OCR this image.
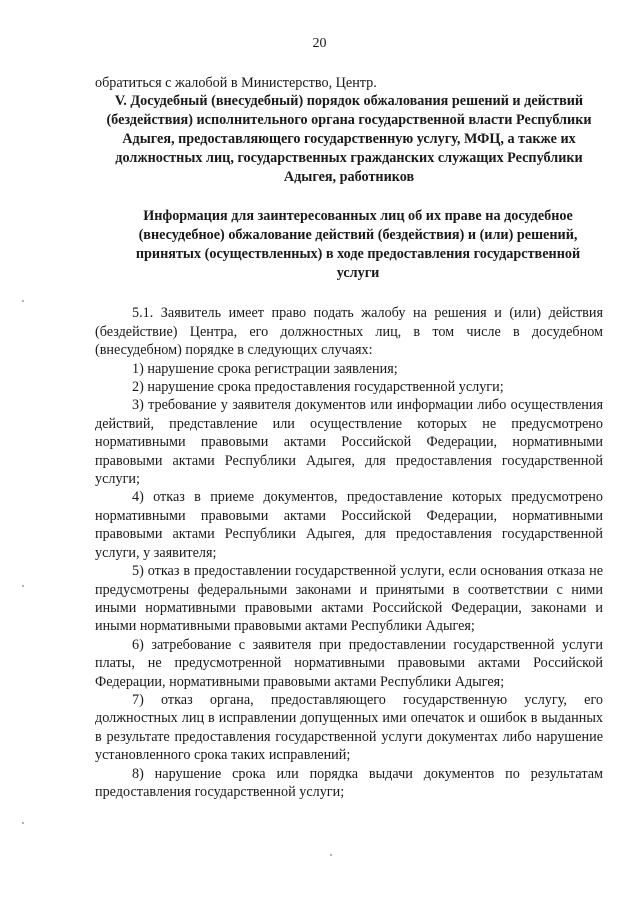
20

обратиться с жалобой в Министерство, Центр.

V. Досудебный (внесудебный) порядок обжалования решений и действий (бездействия) исполнительного органа государственной власти Республики Адыгея, предоставляющего государственную услугу, МФЦ, а также их должностных лиц, государственных гражданских служащих Республики Адыгея, работников

Информация для заинтересованных лиц об их праве на досудебное (внесудебное) обжалование действий (бездействия) и (или) решений, принятых (осуществленных) в ходе предоставления государственной услуги

5.1. Заявитель имеет право подать жалобу на решения и (или) действия (бездействие) Центра, его должностных лиц, в том числе в досудебном (внесудебном) порядке в следующих случаях:

1) нарушение срока регистрации заявления;

2) нарушение срока предоставления государственной услуги;

3) требование у заявителя документов или информации либо осуществления действий, представление или осуществление которых не предусмотрено нормативными правовыми актами Российской Федерации, нормативными правовыми актами Республики Адыгея, для предоставления государственной услуги;

4) отказ в приеме документов, предоставление которых предусмотрено нормативными правовыми актами Российской Федерации, нормативными правовыми актами Республики Адыгея, для предоставления государственной услуги, у заявителя;

5) отказ в предоставлении государственной услуги, если основания отказа не предусмотрены федеральными законами и принятыми в соответствии с ними иными нормативными правовыми актами Российской Федерации, законами и иными нормативными правовыми актами Республики Адыгея;

6) затребование с заявителя при предоставлении государственной услуги платы, не предусмотренной нормативными правовыми актами Российской Федерации, нормативными правовыми актами Республики Адыгея;

7) отказ органа, предоставляющего государственную услугу, его должностных лиц в исправлении допущенных ими опечаток и ошибок в выданных в результате предоставления государственной услуги документах либо нарушение установленного срока таких исправлений;

8) нарушение срока или порядка выдачи документов по результатам предоставления государственной услуги;
